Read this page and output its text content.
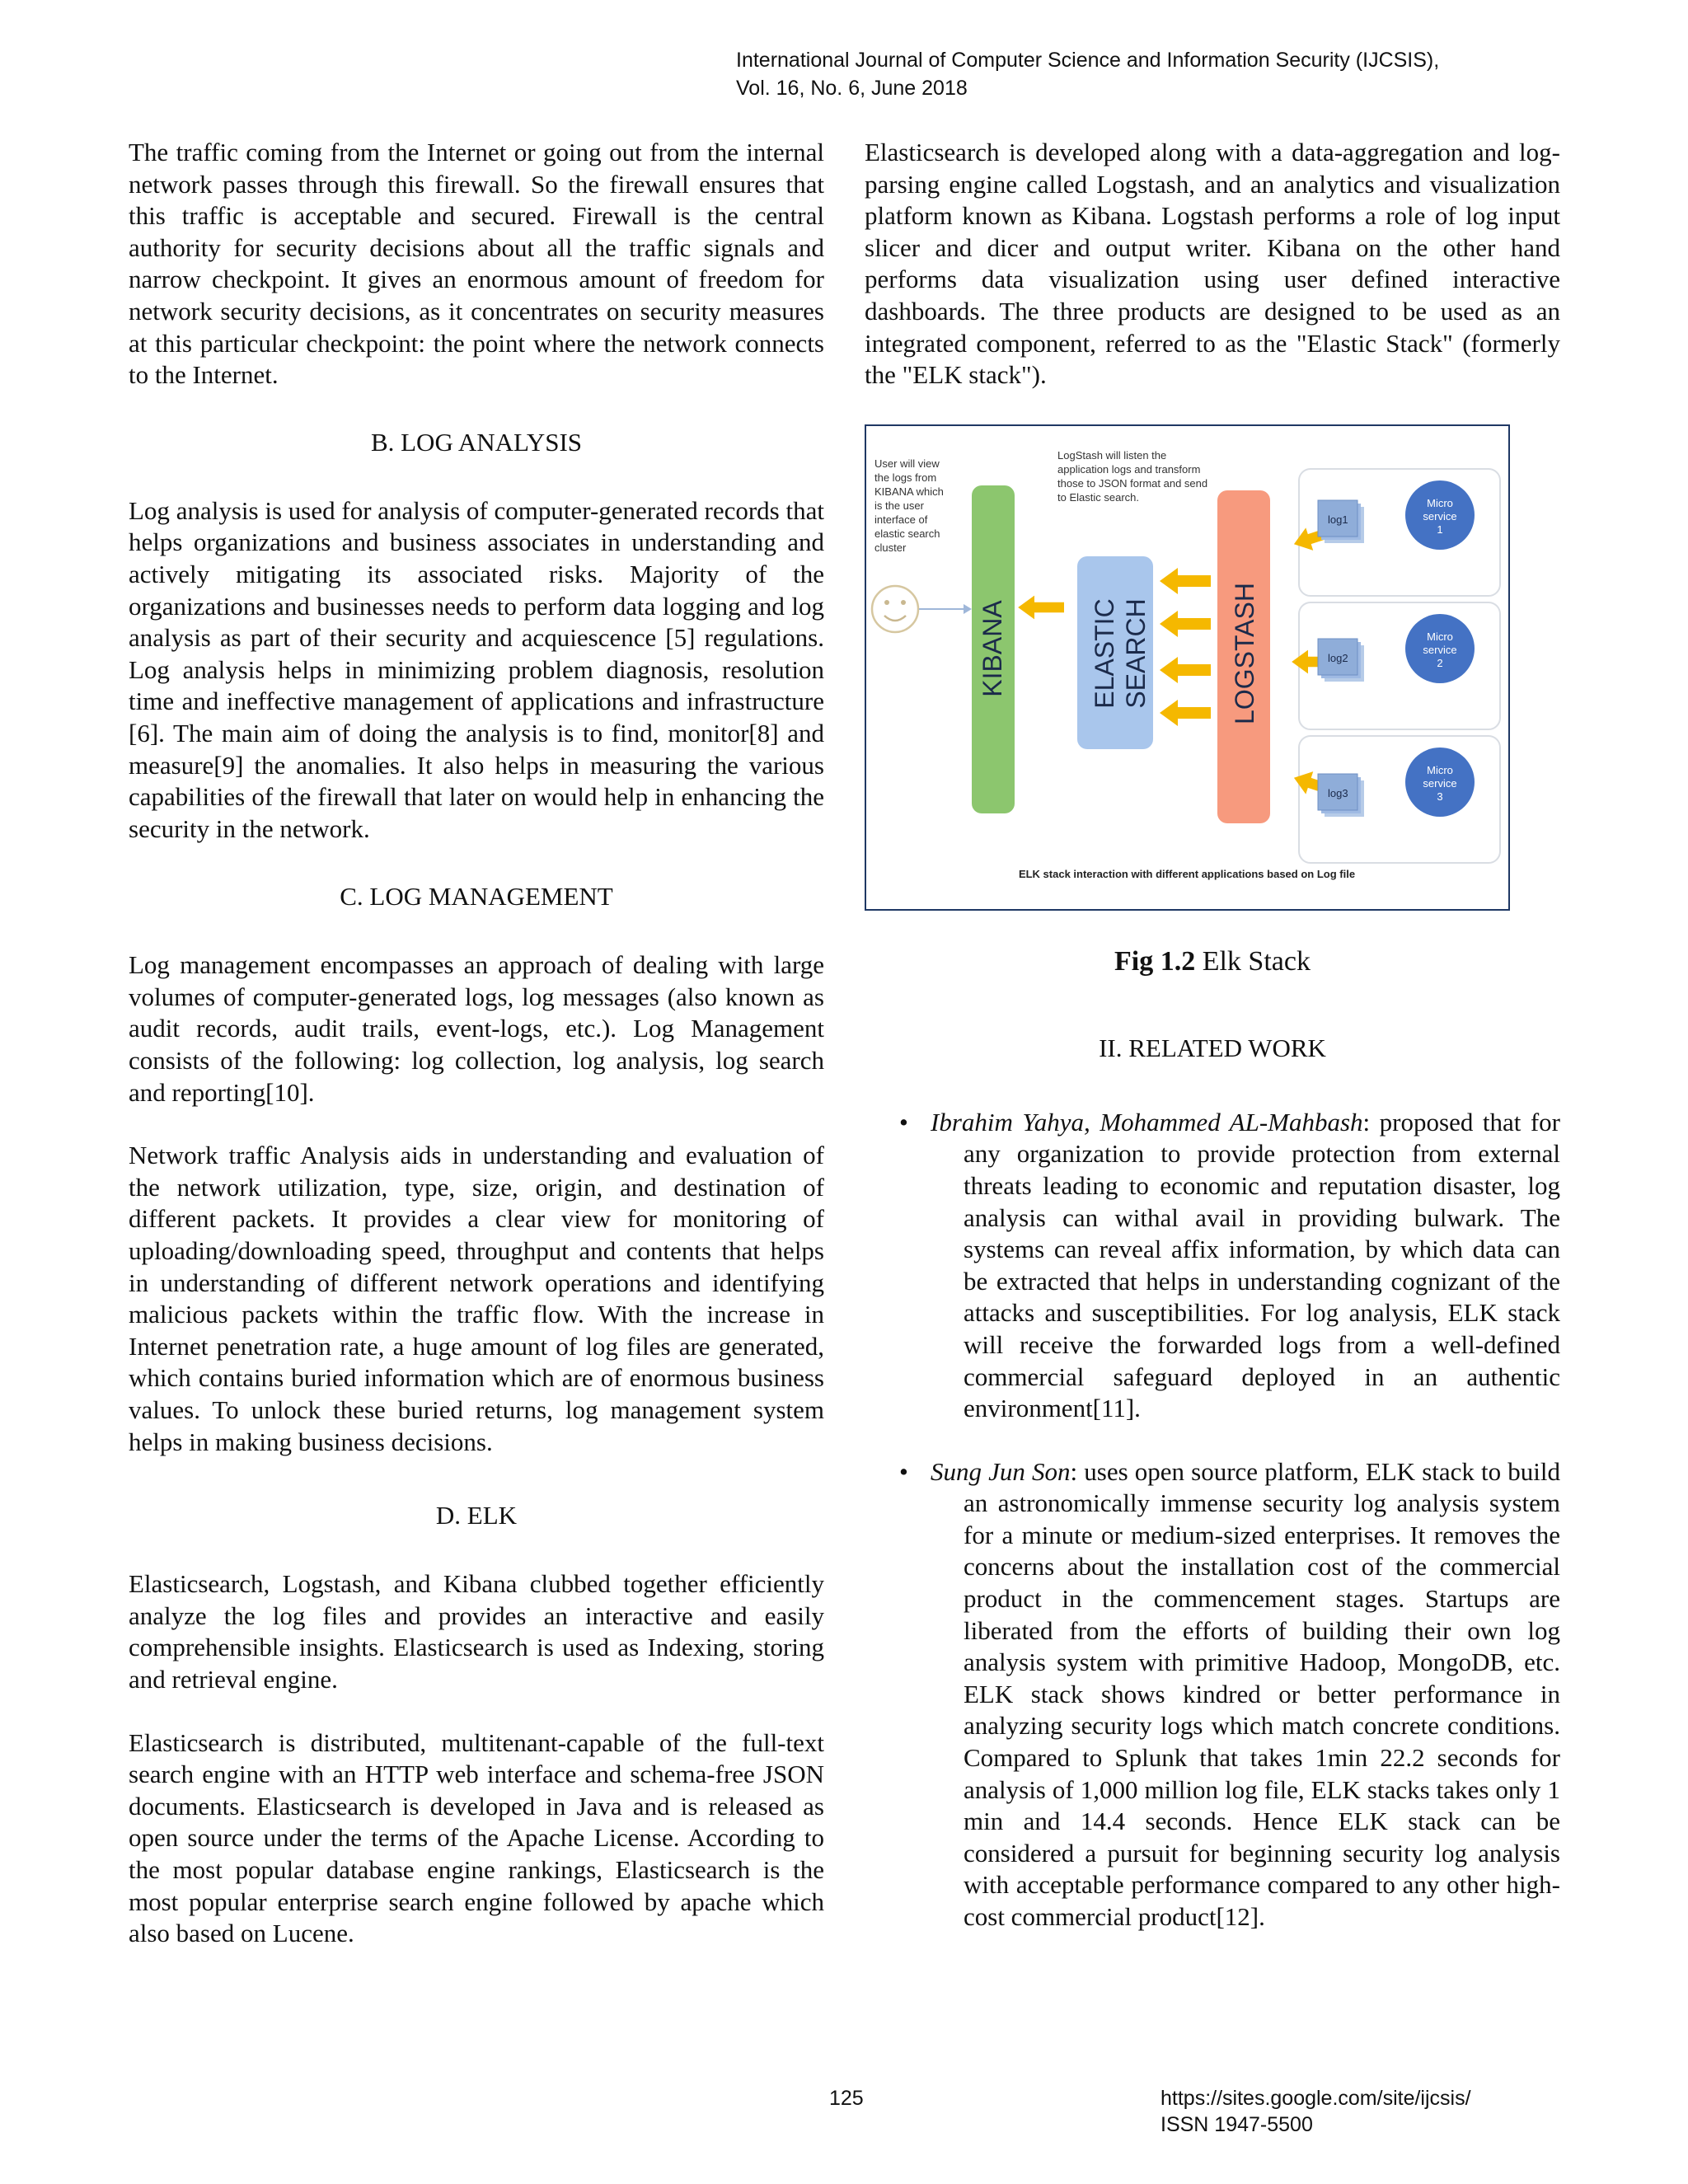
International Journal of Computer Science and Information Security (IJCSIS),
Vol. 16, No. 6, June 2018

The traffic coming from the Internet or going out from the internal network passes through this firewall. So the firewall ensures that this traffic is acceptable and secured. Firewall is the central authority for security decisions about all the traffic signals and narrow checkpoint. It gives an enormous amount of freedom for network security decisions, as it concentrates on security measures at this particular checkpoint: the point where the network connects to the Internet.

B. LOG ANALYSIS

Log analysis is used for analysis of computer-generated records that helps organizations and business associates in understanding and actively mitigating its associated risks. Majority of the organizations and businesses needs to perform data logging and log analysis as part of their security and acquiescence [5] regulations. Log analysis helps in minimizing problem diagnosis, resolution time and ineffective management of applications and infrastructure [6]. The main aim of doing the analysis is to find, monitor[8] and measure[9] the anomalies. It also helps in measuring the various capabilities of the firewall that later on would help in enhancing the security in the network.

C. LOG MANAGEMENT

Log management encompasses an approach of dealing with large volumes of computer-generated logs, log messages (also known as audit records, audit trails, event-logs, etc.). Log Management consists of the following: log collection, log analysis, log search and reporting[10].

Network traffic Analysis aids in understanding and evaluation of the network utilization, type, size, origin, and destination of different packets. It provides a clear view for monitoring of uploading/downloading speed, throughput and contents that helps in understanding of different network operations and identifying malicious packets within the traffic flow. With the increase in Internet penetration rate, a huge amount of log files are generated, which contains buried information which are of enormous business values. To unlock these buried returns, log management system helps in making business decisions.

D. ELK

Elasticsearch, Logstash, and Kibana clubbed together efficiently analyze the log files and provides an interactive and easily comprehensible insights. Elasticsearch is used as Indexing, storing and retrieval engine.

Elasticsearch is distributed, multitenant-capable of the full-text search engine with an HTTP web interface and schema-free JSON documents. Elasticsearch is developed in Java and is released as open source under the terms of the Apache License. According to the most popular database engine rankings, Elasticsearch is the most popular enterprise search engine followed by apache which also based on Lucene.

Elasticsearch is developed along with a data-aggregation and log-parsing engine called Logstash, and an analytics and visualization platform known as Kibana. Logstash performs a role of log input slicer and dicer and output writer. Kibana on the other hand performs data visualization using user defined interactive dashboards. The three products are designed to be used as an integrated component, referred to as the "Elastic Stack" (formerly the "ELK stack").

User will view
the logs from
KIBANA which
is the user
interface of
elastic search
cluster
LogStash will listen the
application logs and transform
those to JSON format and send
to Elastic search.
KIBANA	ELASTIC SEARCH	LOGSTASH
log1
Micro
service
1
log2
Micro
service
2
log3
Micro
service
3
ELK stack interaction with different applications based on Log file
Fig 1.2 Elk Stack
II. RELATED WORK
• Ibrahim Yahya, Mohammed AL-Mahbash: proposed that for any organization to provide protection from external threats leading to economic and reputation disaster, log analysis can withal avail in providing bulwark. The systems can reveal affix information, by which data can be extracted that helps in understanding cognizant of the attacks and susceptibilities. For log analysis, ELK stack will receive the forwarded logs from a well-defined commercial safeguard deployed in an authentic environment[11].
• Sung Jun Son: uses open source platform, ELK stack to build an astronomically immense security log analysis system for a minute or medium-sized enterprises. It removes the concerns about the installation cost of the commercial product in the commencement stages. Startups are liberated from the efforts of building their own log analysis system with primitive Hadoop, MongoDB, etc. ELK stack shows kindred or better performance in analyzing security logs which match concrete conditions. Compared to Splunk that takes 1min 22.2 seconds for analysis of 1,000 million log file, ELK stacks takes only 1 min and 14.4 seconds. Hence ELK stack can be considered a pursuit for beginning security log analysis with acceptable performance compared to any other high-cost commercial product[12].
125	https://sites.google.com/site/ijcsis/
ISSN 1947-5500
